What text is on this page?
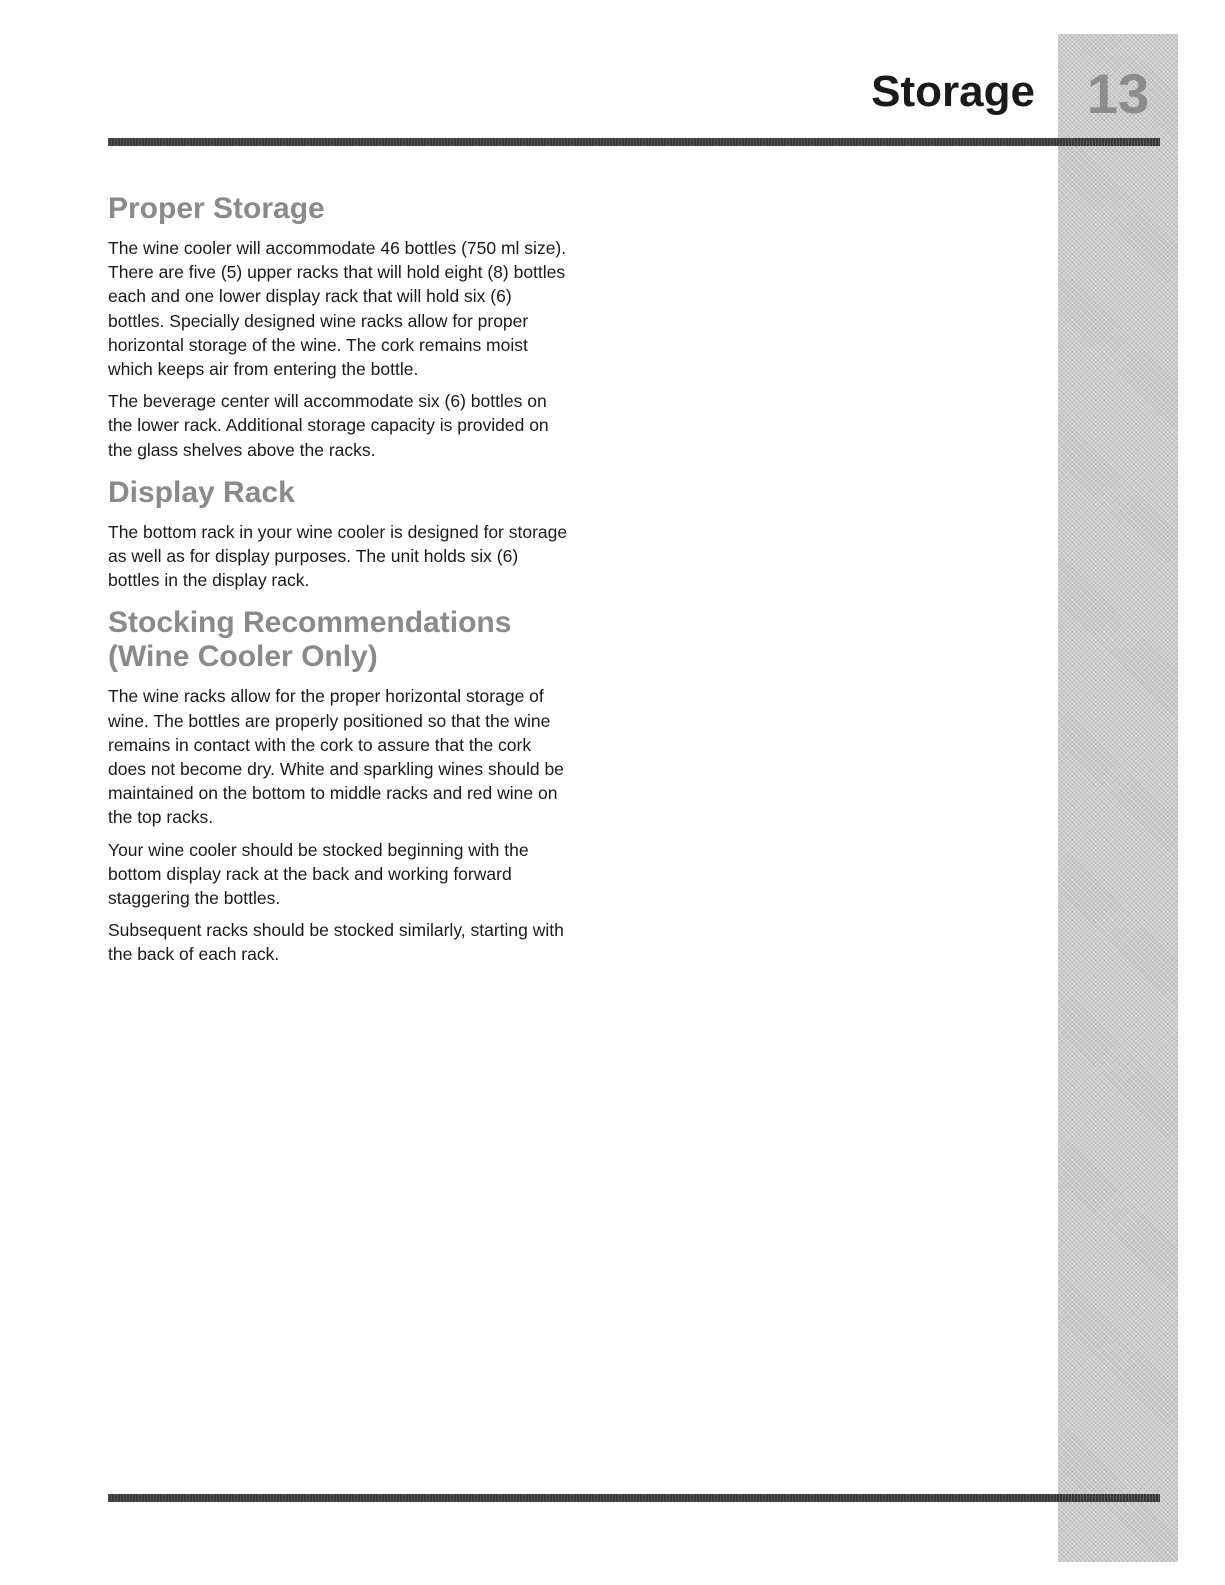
13
Storage
Proper Storage

The wine cooler will accommodate 46 bottles (750 ml size). There are five (5) upper racks that will hold eight (8) bottles each and one lower display rack that will hold six (6) bottles. Specially designed wine racks allow for proper horizontal storage of the wine. The cork remains moist which keeps air from entering the bottle.

The beverage center will accommodate six (6) bottles on the lower rack. Additional storage capacity is provided on the glass shelves above the racks.

Display Rack

The bottom rack in your wine cooler is designed for storage as well as for display purposes. The unit holds six (6) bottles in the display rack.

Stocking Recommendations (Wine Cooler Only)

The wine racks allow for the proper horizontal storage of wine. The bottles are properly positioned so that the wine remains in contact with the cork to assure that the cork does not become dry. White and sparkling wines should be maintained on the bottom to middle racks and red wine on the top racks.

Your wine cooler should be stocked beginning with the bottom display rack at the back and working forward staggering the bottles.

Subsequent racks should be stocked similarly, starting with the back of each rack.
